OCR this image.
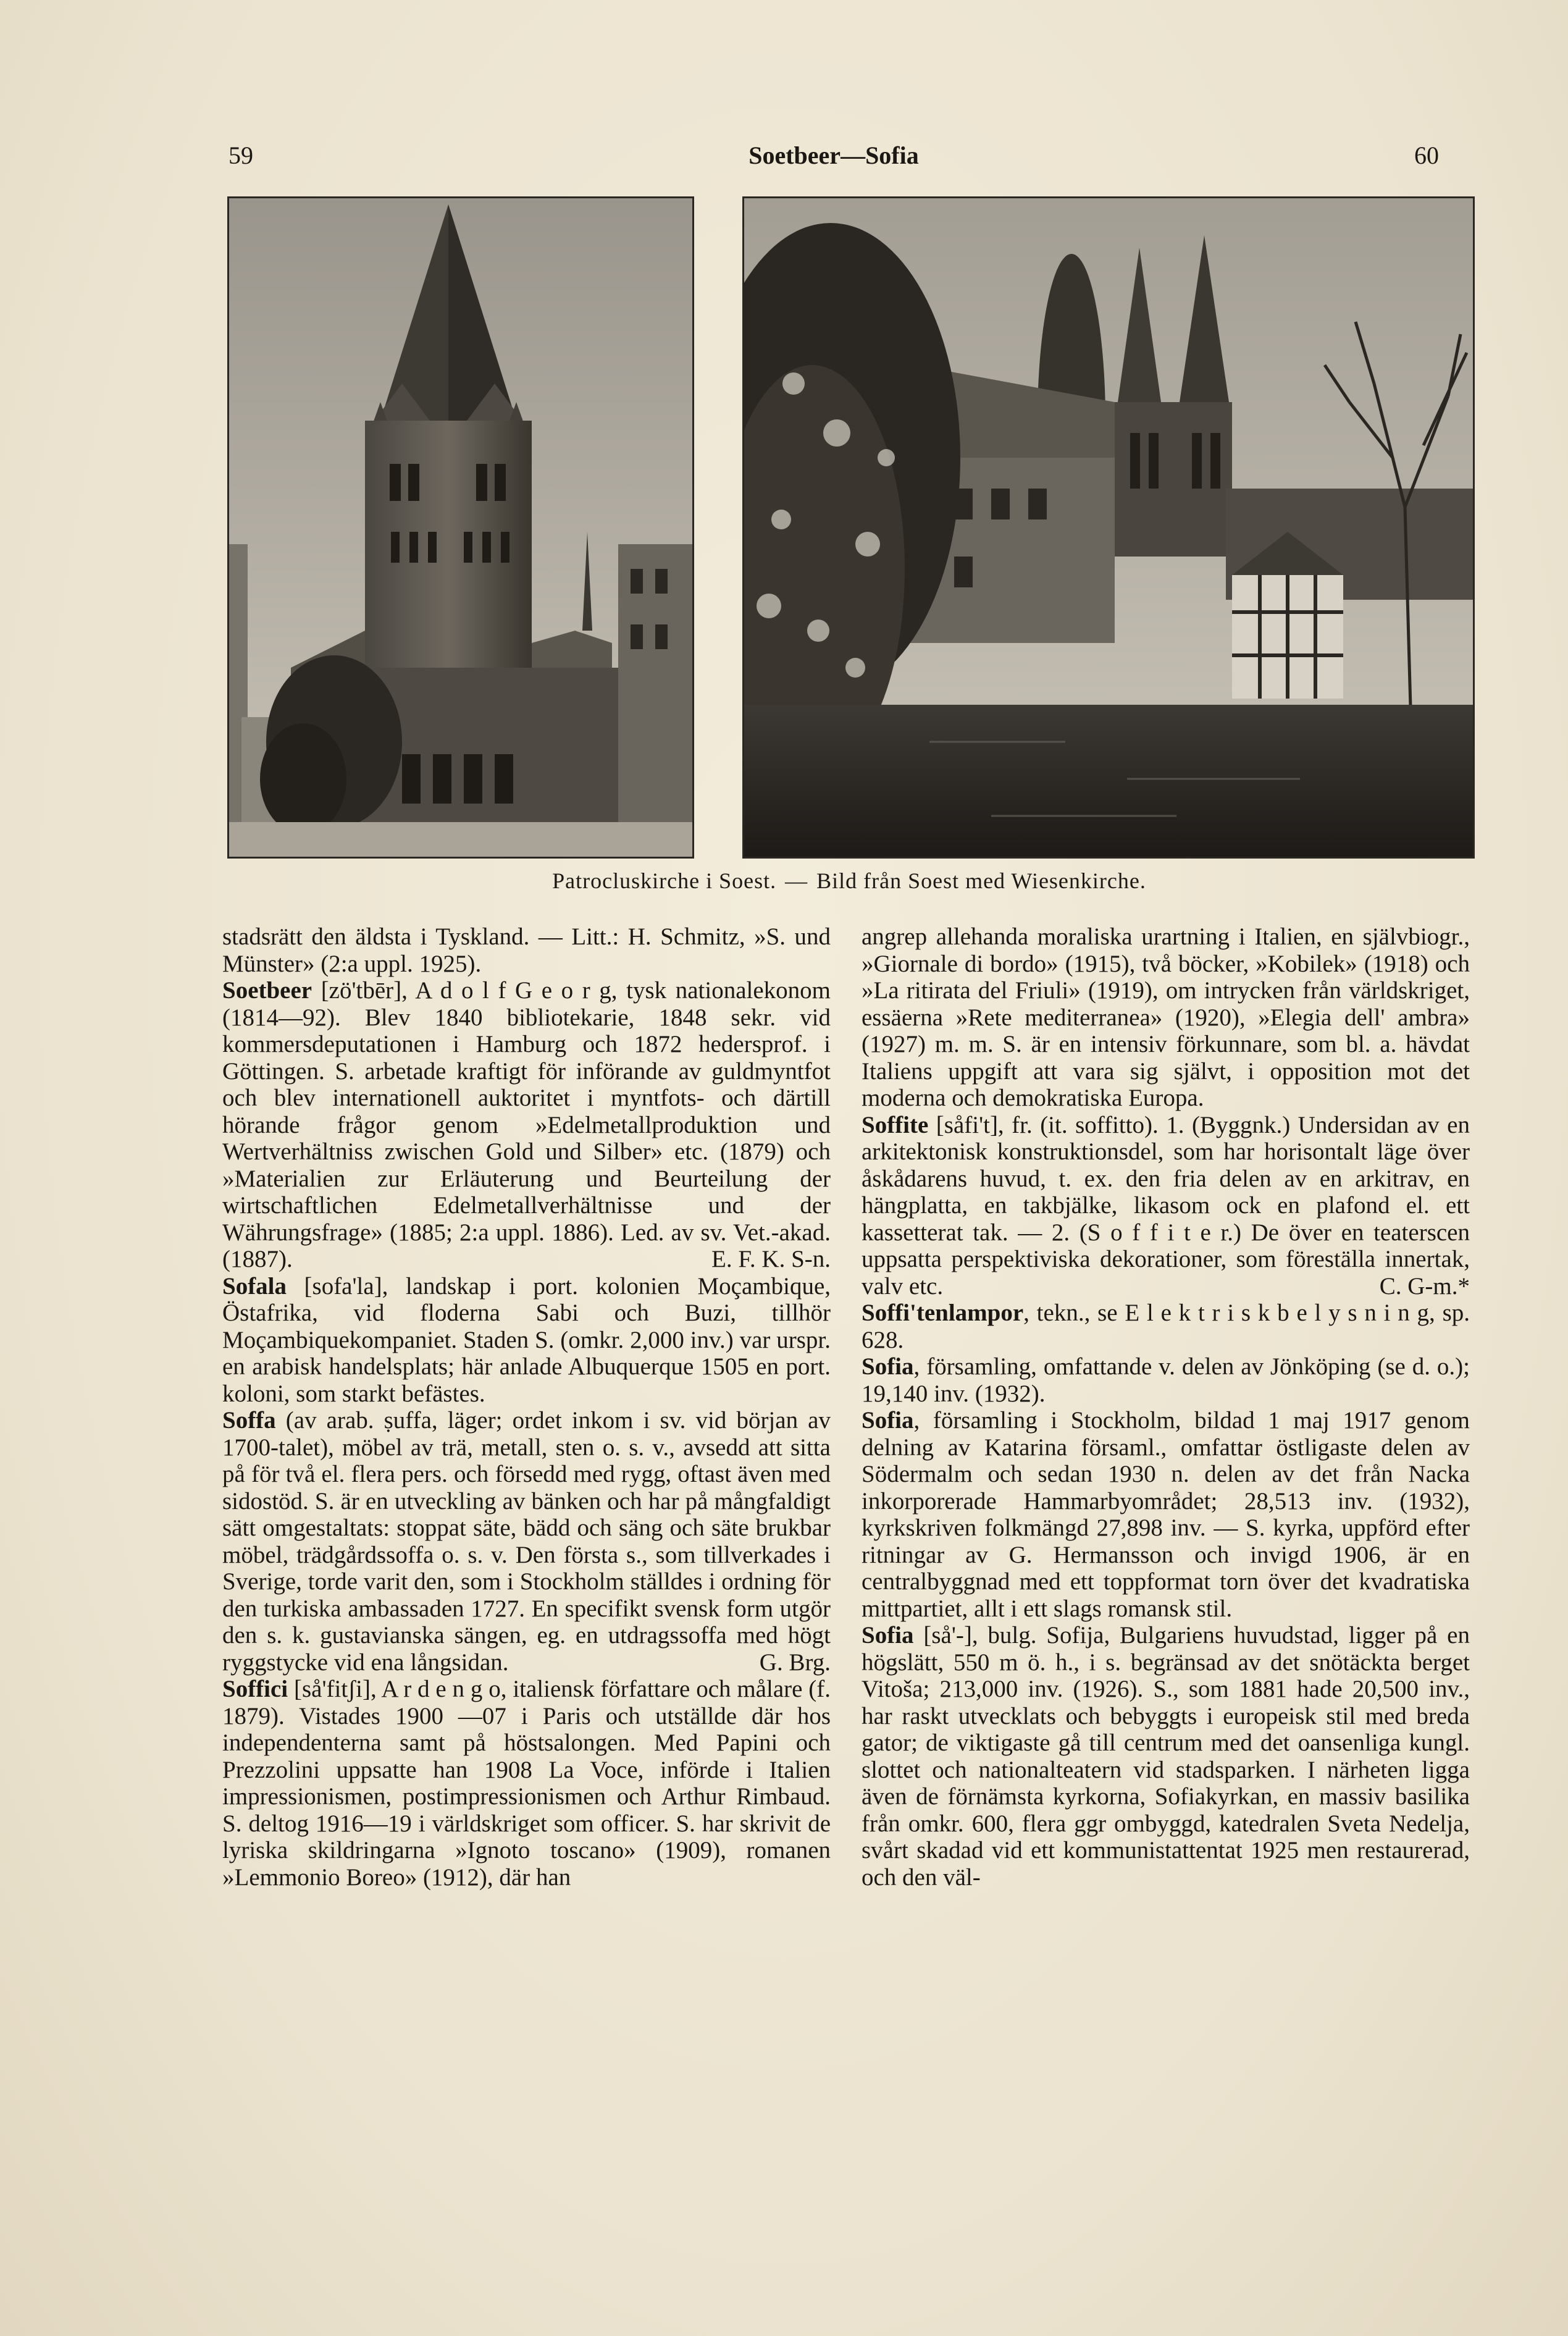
59	Soetbeer—Sofia	60
Patrocluskirche i Soest. — Bild från Soest med Wiesenkirche.

stadsrätt den äldsta i Tyskland. — Litt.: H. Schmitz, »S. und Münster» (2:a uppl. 1925).

Soetbeer [zö'tbēr], A d o l f G e o r g, tysk nationalekonom (1814—92). Blev 1840 bibliotekarie, 1848 sekr. vid kommersdeputationen i Hamburg och 1872 hedersprof. i Göttingen. S. arbetade kraftigt för införande av guldmyntfot och blev internationell auktoritet i myntfots- och därtill hörande frågor genom »Edelmetallproduktion und Wertverhältniss zwischen Gold und Silber» etc. (1879) och »Materialien zur Erläuterung und Beurteilung der wirtschaftlichen Edelmetallverhältnisse und der Währungsfrage» (1885; 2:a uppl. 1886). Led. av sv. Vet.-akad. (1887).	E. F. K. S-n.

Sofala [sofa'la], landskap i port. kolonien Moçambique, Östafrika, vid floderna Sabi och Buzi, tillhör Moçambiquekompaniet. Staden S. (omkr. 2,000 inv.) var urspr. en arabisk handelsplats; här anlade Albuquerque 1505 en port. koloni, som starkt befästes.

Soffa (av arab. ṣuffa, läger; ordet inkom i sv. vid början av 1700-talet), möbel av trä, metall, sten o. s. v., avsedd att sitta på för två el. flera pers. och försedd med rygg, oftast även med sidostöd. S. är en utveckling av bänken och har på mångfaldigt sätt omgestaltats: stoppat säte, bädd och säng och säte brukbar möbel, trädgårdssoffa o. s. v. Den första s., som tillverkades i Sverige, torde varit den, som i Stockholm ställdes i ordning för den turkiska ambassaden 1727. En specifikt svensk form utgör den s. k. gustavianska sängen, eg. en utdragssoffa med högt ryggstycke vid ena långsidan.	G. Brg.

Soffici [så'fitʃi], A r d e n g o, italiensk författare och målare (f. 1879). Vistades 1900 —07 i Paris och utställde där hos independenterna samt på höstsalongen. Med Papini och Prezzolini uppsatte han 1908 La Voce, införde i Italien impressionismen, postimpressionismen och Arthur Rimbaud. S. deltog 1916—19 i världskriget som officer. S. har skrivit de lyriska skildringarna »Ignoto toscano» (1909), romanen »Lemmonio Boreo» (1912), där han

angrep allehanda moraliska urartning i Italien, en självbiogr., »Giornale di bordo» (1915), två böcker, »Kobilek» (1918) och »La ritirata del Friuli» (1919), om intrycken från världskriget, essäerna »Rete mediterranea» (1920), »Elegia dell' ambra» (1927) m. m. S. är en intensiv förkunnare, som bl. a. hävdat Italiens uppgift att vara sig självt, i opposition mot det moderna och demokratiska Europa.

Soffite [såfi't], fr. (it. soffitto). 1. (Byggnk.) Undersidan av en arkitektonisk konstruktionsdel, som har horisontalt läge över åskådarens huvud, t. ex. den fria delen av en arkitrav, en hängplatta, en takbjälke, likasom ock en plafond el. ett kassetterat tak. — 2. (S o f f i t e r.) De över en teaterscen uppsatta perspektiviska dekorationer, som föreställa innertak, valv etc.	C. G-m.*

Soffi'tenlampor, tekn., se E l e k t r i s k b e l y s n i n g, sp. 628.

Sofia, församling, omfattande v. delen av Jönköping (se d. o.); 19,140 inv. (1932).

Sofia, församling i Stockholm, bildad 1 maj 1917 genom delning av Katarina församl., omfattar östligaste delen av Södermalm och sedan 1930 n. delen av det från Nacka inkorporerade Hammarbyområdet; 28,513 inv. (1932), kyrkskriven folkmängd 27,898 inv. — S. kyrka, uppförd efter ritningar av G. Hermansson och invigd 1906, är en centralbyggnad med ett toppformat torn över det kvadratiska mittpartiet, allt i ett slags romansk stil.

Sofia [så'-], bulg. Sofija, Bulgariens huvudstad, ligger på en högslätt, 550 m ö. h., i s. begränsad av det snötäckta berget Vitoša; 213,000 inv. (1926). S., som 1881 hade 20,500 inv., har raskt utvecklats och bebyggts i europeisk stil med breda gator; de viktigaste gå till centrum med det oansenliga kungl. slottet och nationalteatern vid stadsparken. I närheten ligga även de förnämsta kyrkorna, Sofiakyrkan, en massiv basilika från omkr. 600, flera ggr ombyggd, katedralen Sveta Nedelja, svårt skadad vid ett kommunistattentat 1925 men restaurerad, och den väl-
